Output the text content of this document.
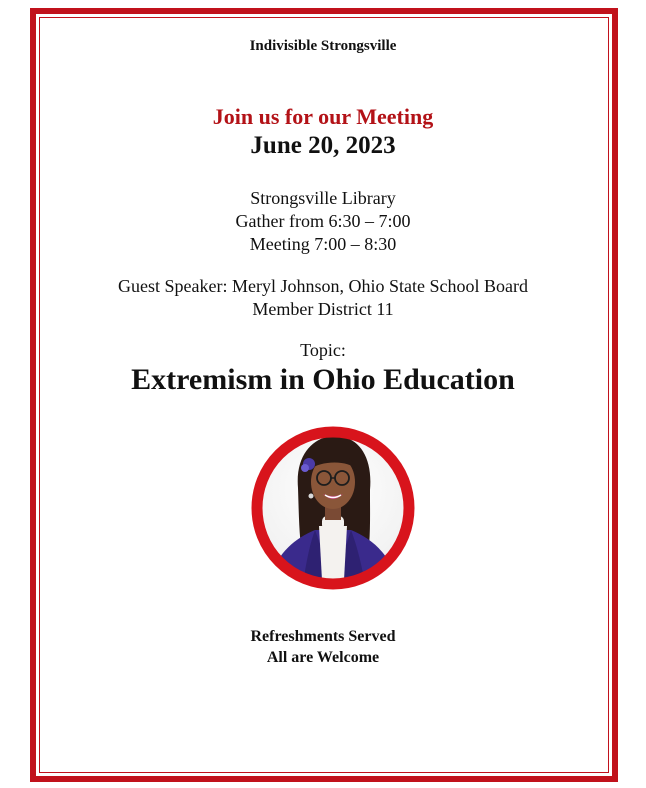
Indivisible Strongsville
Join us for our Meeting
June 20, 2023
Strongsville Library
Gather from 6:30 – 7:00
Meeting 7:00 – 8:30
Guest Speaker: Meryl Johnson, Ohio State School Board
Member District 11
Topic:
Extremism in Ohio Education
Refreshments Served
All are Welcome
